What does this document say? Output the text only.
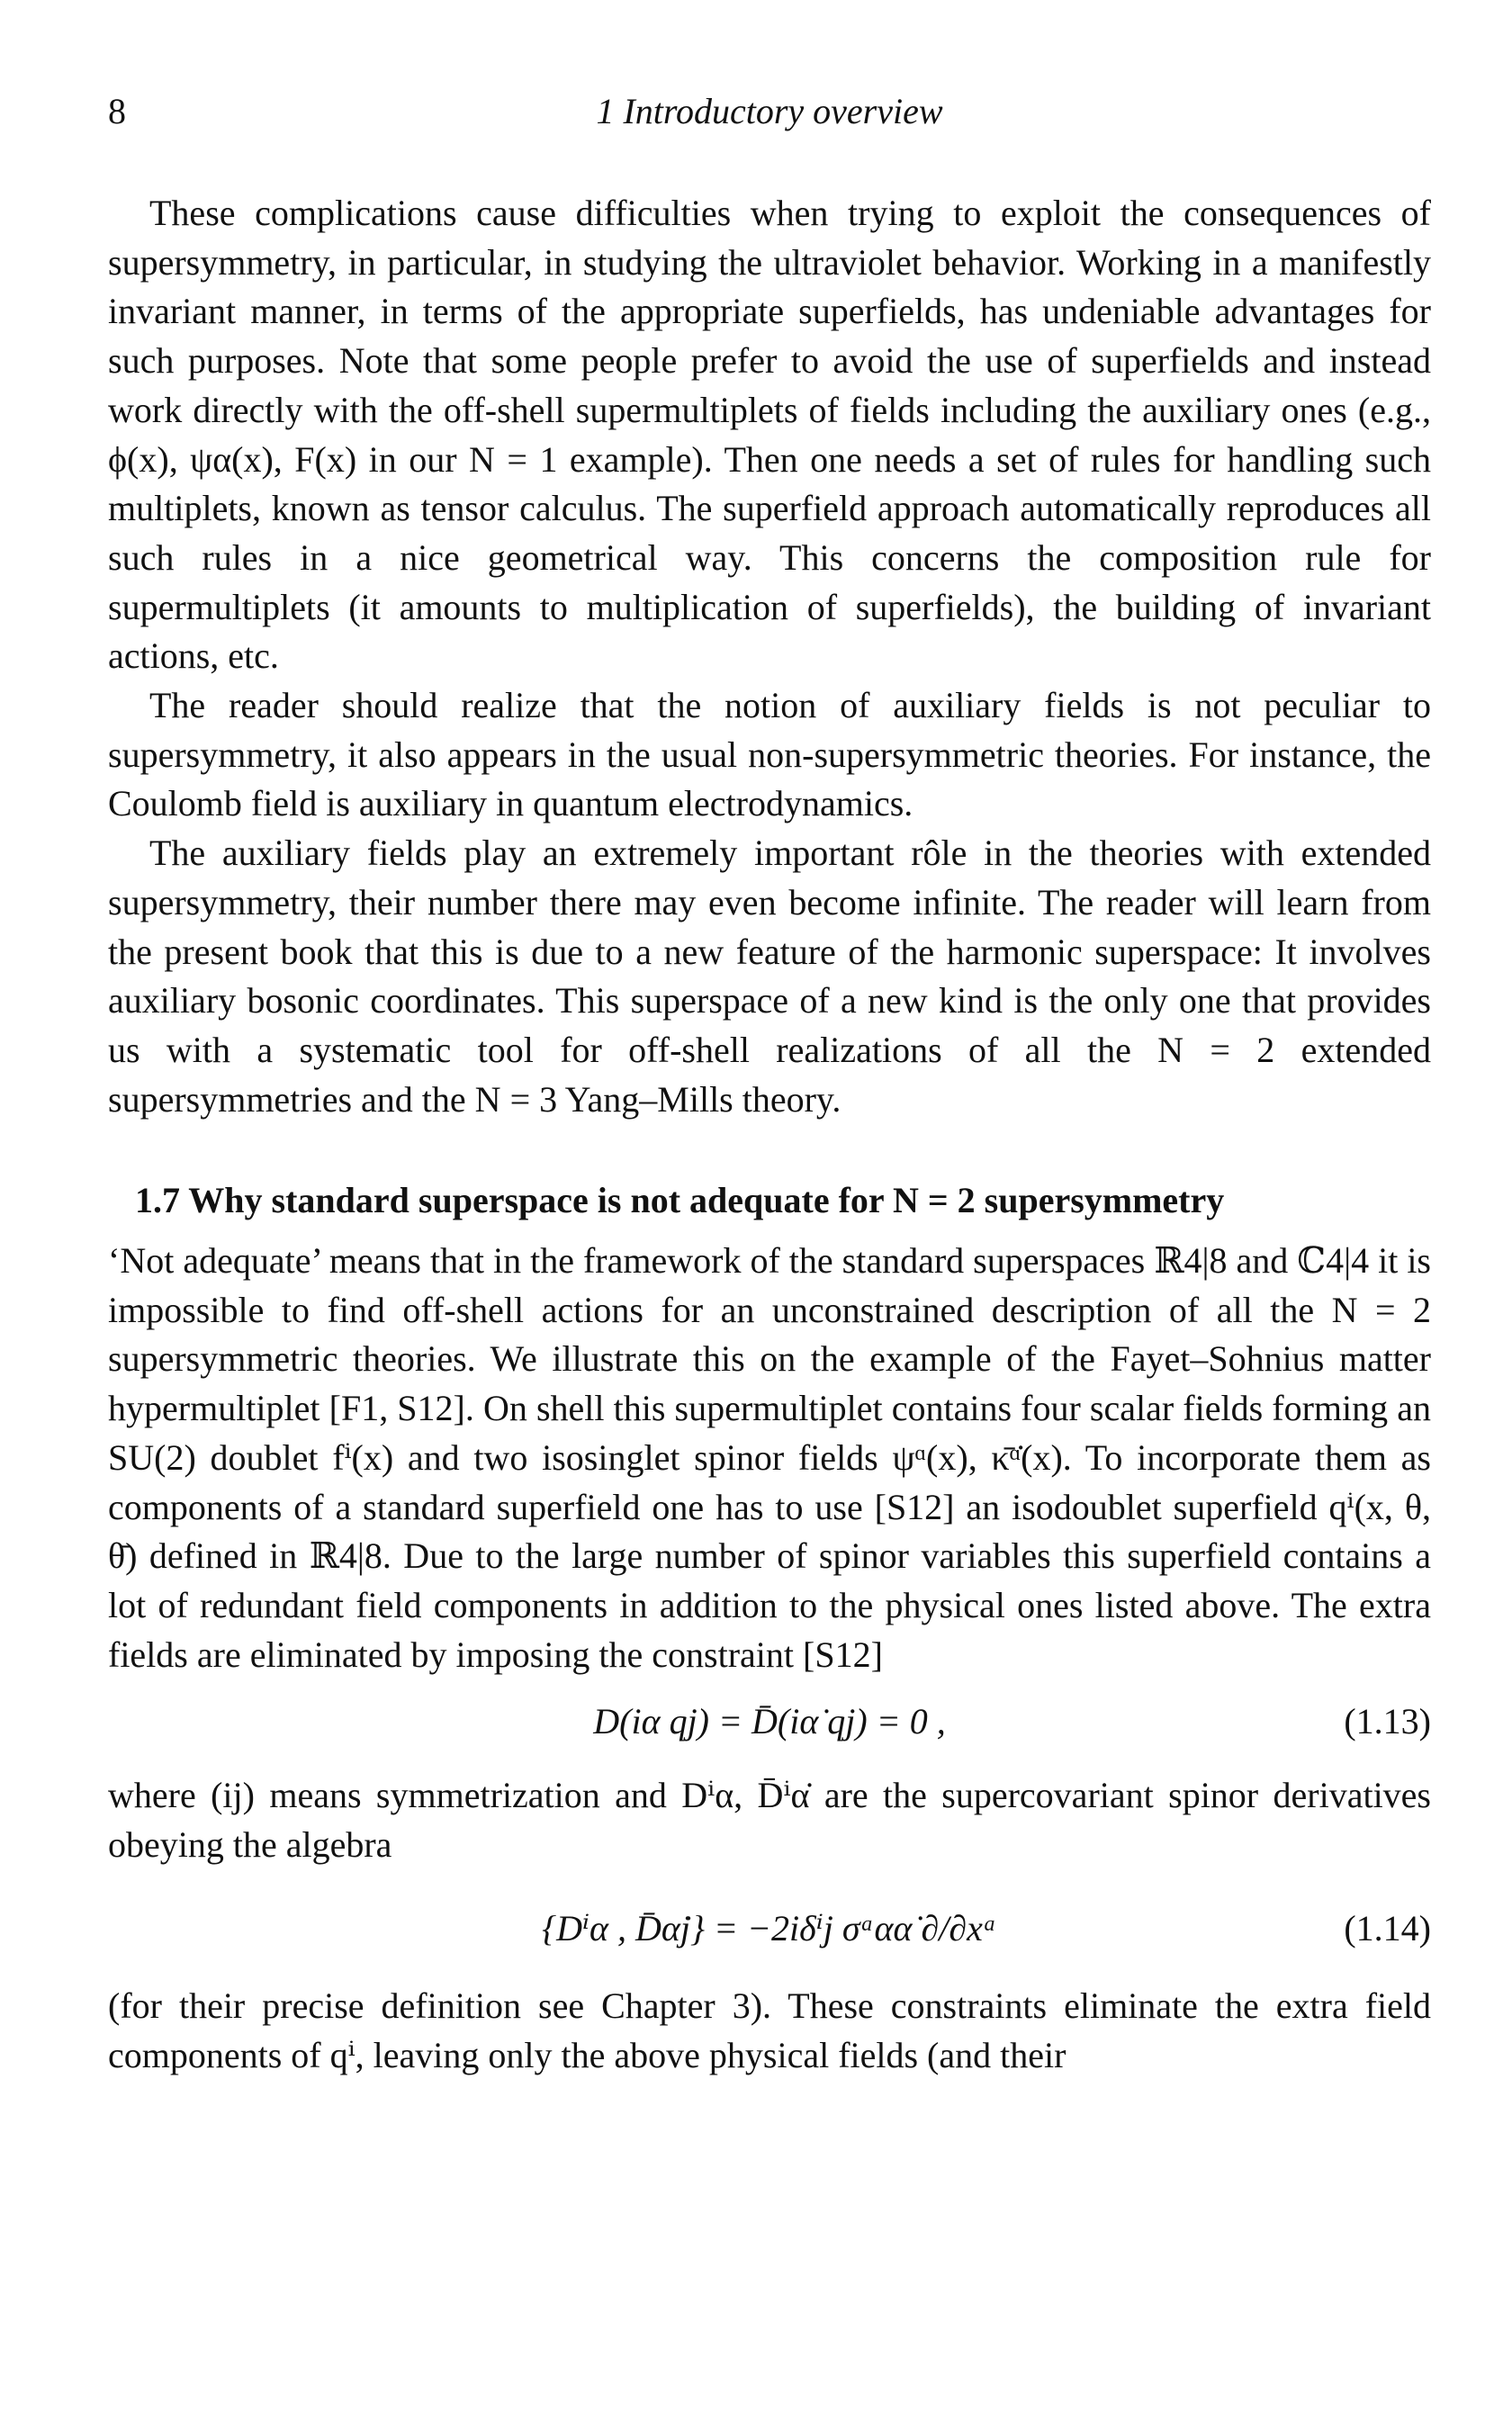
8	1 Introductory overview

These complications cause difficulties when trying to exploit the consequences of supersymmetry, in particular, in studying the ultraviolet behavior. Working in a manifestly invariant manner, in terms of the appropriate superfields, has undeniable advantages for such purposes. Note that some people prefer to avoid the use of superfields and instead work directly with the off-shell supermultiplets of fields including the auxiliary ones (e.g., ϕ(x), ψα(x), F(x) in our N = 1 example). Then one needs a set of rules for handling such multiplets, known as tensor calculus. The superfield approach automatically reproduces all such rules in a nice geometrical way. This concerns the composition rule for supermultiplets (it amounts to multiplication of superfields), the building of invariant actions, etc.

The reader should realize that the notion of auxiliary fields is not peculiar to supersymmetry, it also appears in the usual non-supersymmetric theories. For instance, the Coulomb field is auxiliary in quantum electrodynamics.

The auxiliary fields play an extremely important rôle in the theories with extended supersymmetry, their number there may even become infinite. The reader will learn from the present book that this is due to a new feature of the harmonic superspace: It involves auxiliary bosonic coordinates. This superspace of a new kind is the only one that provides us with a systematic tool for off-shell realizations of all the N = 2 extended supersymmetries and the N = 3 Yang–Mills theory.

1.7 Why standard superspace is not adequate for N = 2 supersymmetry

‘Not adequate’ means that in the framework of the standard superspaces ℝ4|8 and ℂ4|4 it is impossible to find off-shell actions for an unconstrained description of all the N = 2 supersymmetric theories. We illustrate this on the example of the Fayet–Sohnius matter hypermultiplet [F1, S12]. On shell this supermultiplet contains four scalar fields forming an SU(2) doublet fⁱ(x) and two isosinglet spinor fields ψᵅ(x), κ̄ᵅ̇(x). To incorporate them as components of a standard superfield one has to use [S12] an isodoublet superfield qⁱ(x, θ, θ̄) defined in ℝ4|8. Due to the large number of spinor variables this superfield contains a lot of redundant field components in addition to the physical ones listed above. The extra fields are eliminated by imposing the constraint [S12]

D(iα qj) = D̄(iα̇ qj) = 0 ,	(1.13)

where (ij) means symmetrization and Dⁱα, D̄ⁱα̇ are the supercovariant spinor derivatives obeying the algebra

{Dⁱα , D̄α̇j} = −2iδⁱj σᵃαα̇ ∂/∂xᵃ	(1.14)

(for their precise definition see Chapter 3). These constraints eliminate the extra field components of qⁱ, leaving only the above physical fields (and their
